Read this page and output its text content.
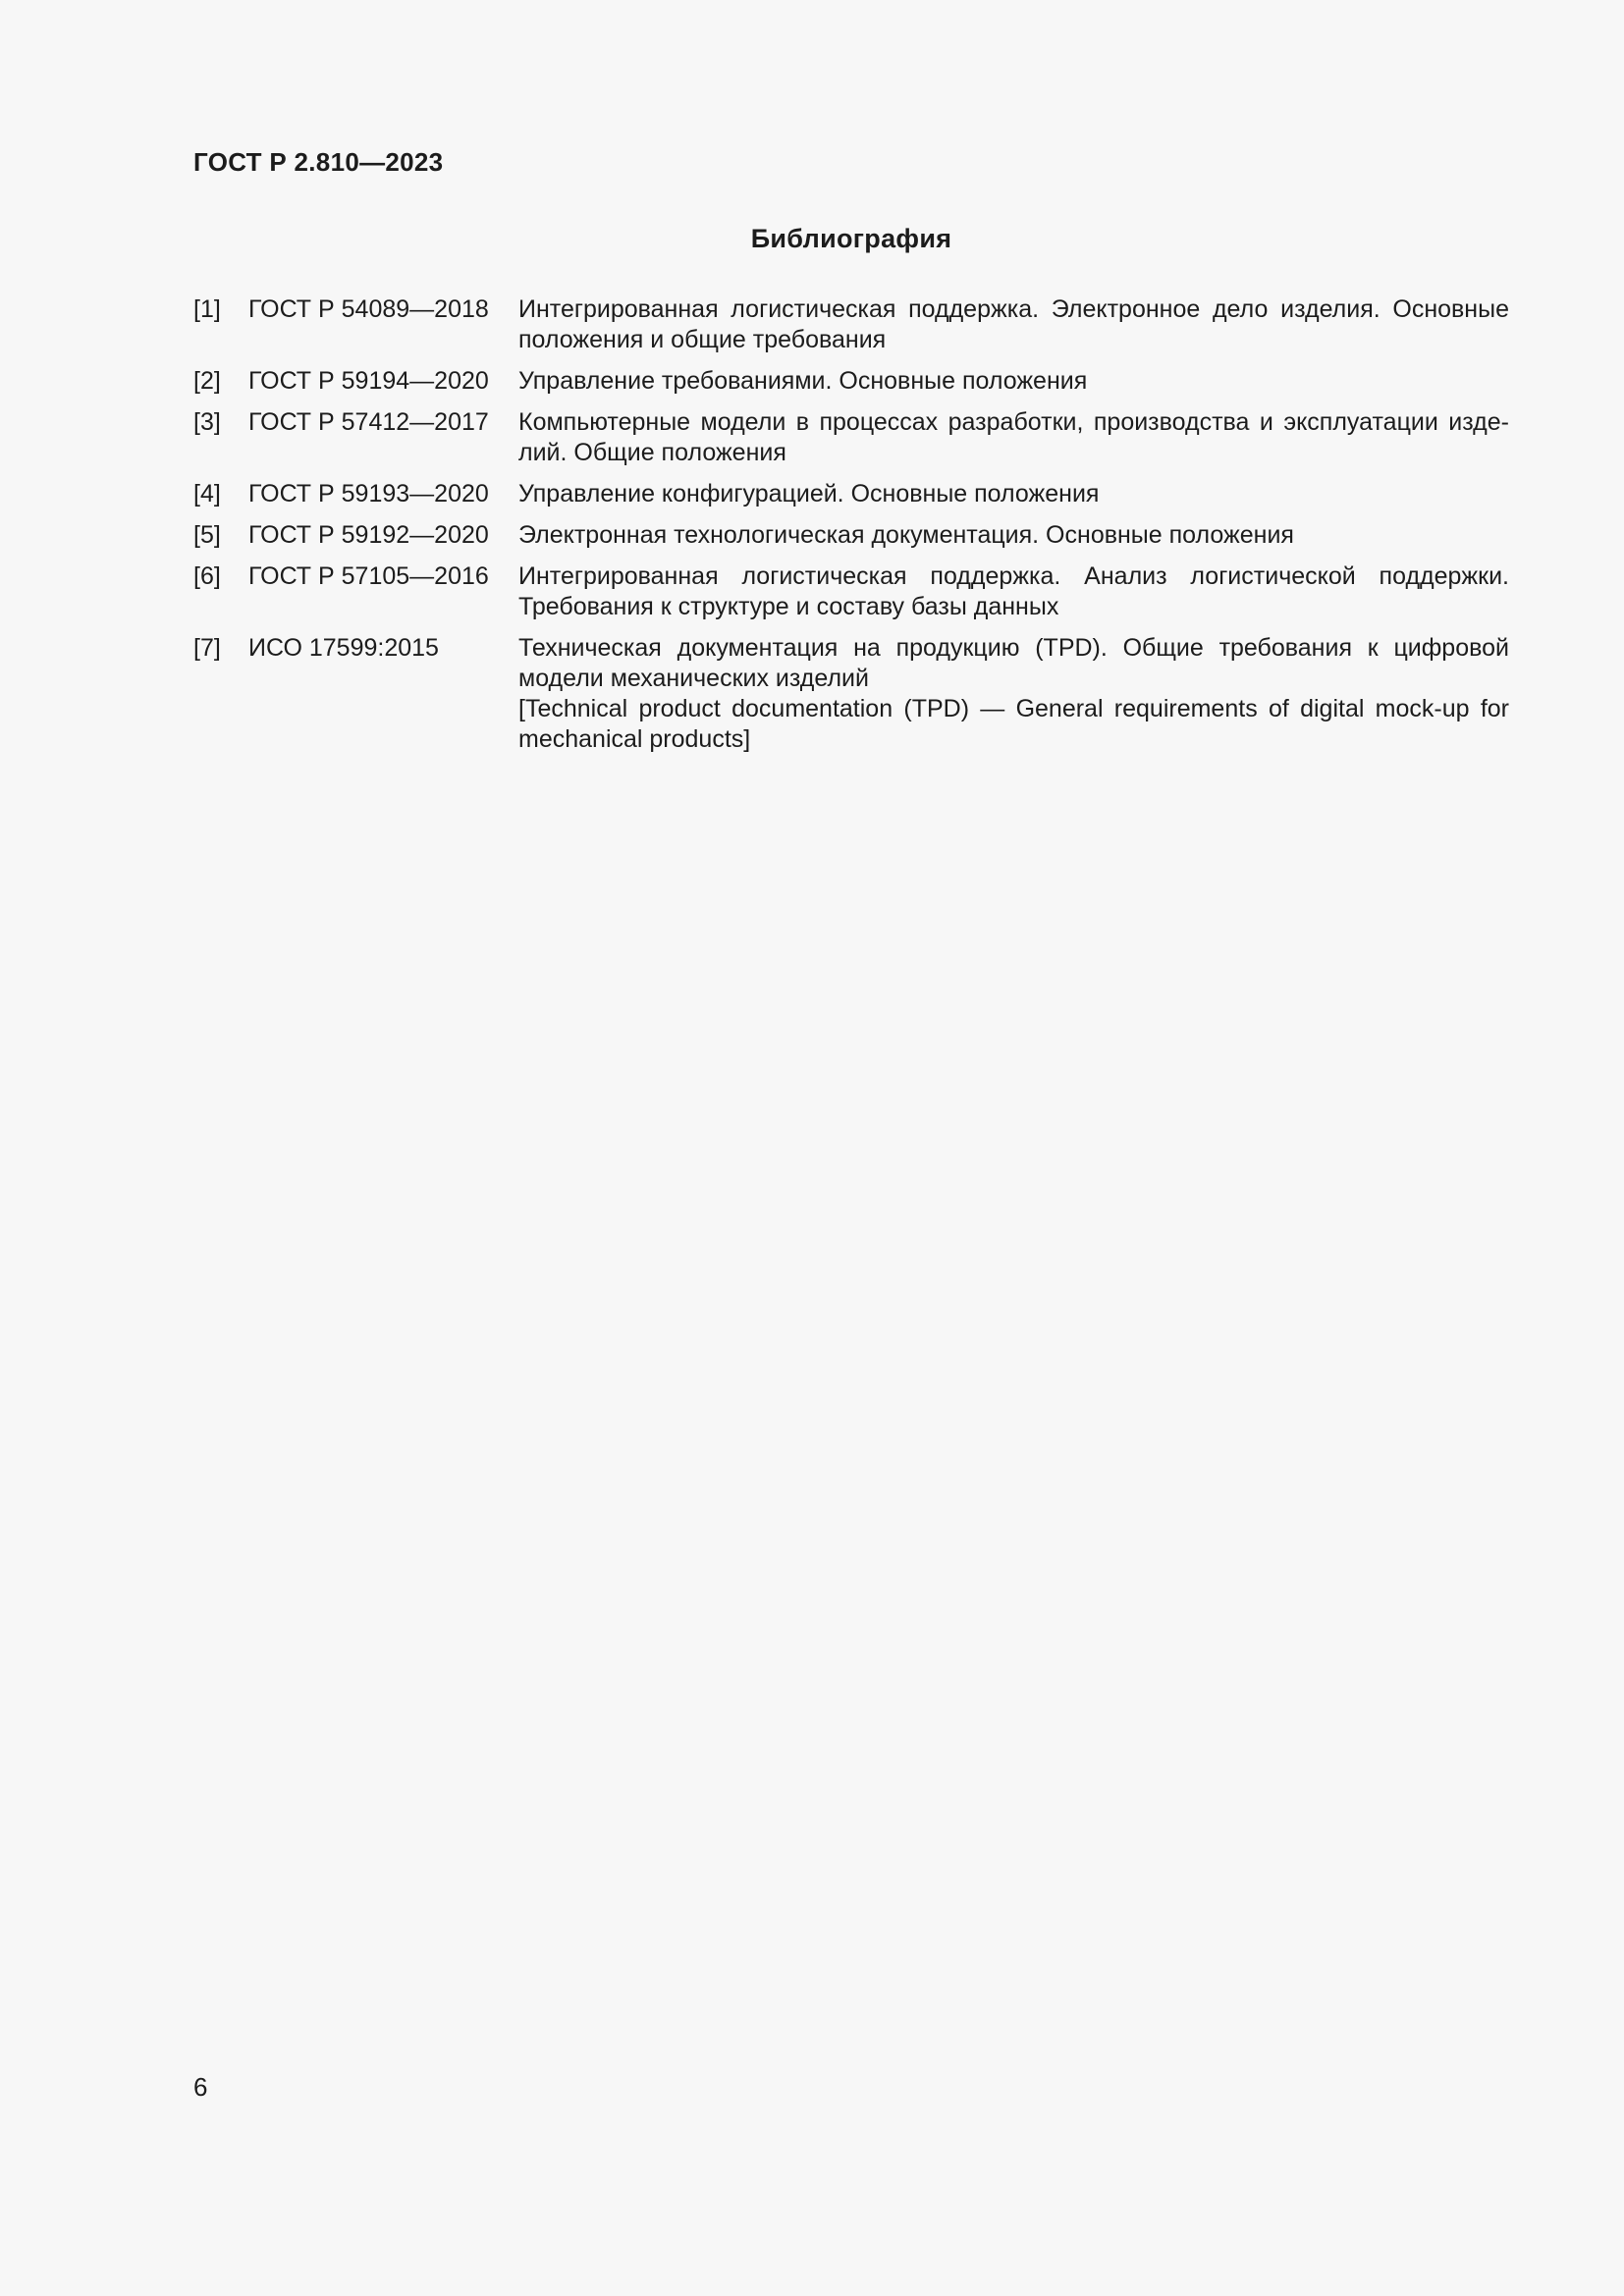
ГОСТ Р 2.810—2023
Библиография
[1]	ГОСТ Р 54089—2018	Интегрированная логистическая поддержка. Электронное дело изделия. Основные положения и общие требования
[2]	ГОСТ Р 59194—2020	Управление требованиями. Основные положения
[3]	ГОСТ Р 57412—2017	Компьютерные модели в процессах разработки, производства и эксплуатации изделий. Общие положения
[4]	ГОСТ Р 59193—2020	Управление конфигурацией. Основные положения
[5]	ГОСТ Р 59192—2020	Электронная технологическая документация. Основные положения
[6]	ГОСТ Р 57105—2016	Интегрированная логистическая поддержка. Анализ логистической поддержки. Требования к структуре и составу базы данных
[7]	ИСО 17599:2015	Техническая документация на продукцию (TPD). Общие требования к цифровой модели механических изделий
[Technical product documentation (TPD) — General requirements of digital mock-up for mechanical products]
6
